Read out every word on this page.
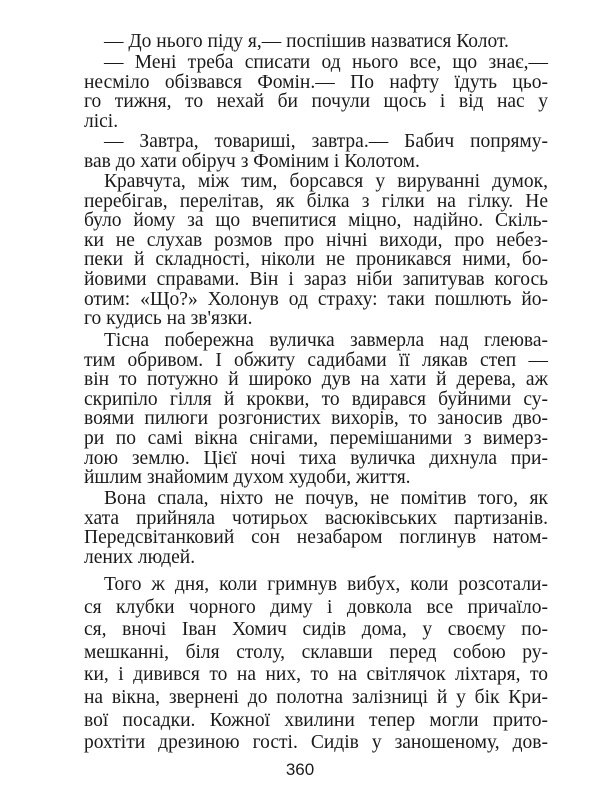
— До нього піду я,— поспішив назватися Колот.
— Мені треба списати од нього все, що знає,—
несміло обізвався Фомін.— По нафту їдуть цьо-
го тижня, то нехай би почули щось і від нас у
лісі.
— Завтра, товариші, завтра.— Бабич попряму-
вав до хати обіруч з Фоміним і Колотом.
Кравчута, між тим, борсався у вируванні думок,
перебігав, перелітав, як білка з гілки на гілку. Не
було йому за що вчепитися міцно, надійно. Скіль-
ки не слухав розмов про нічні виходи, про небез-
пеки й складності, ніколи не проникався ними, бо-
йовими справами. Він і зараз ніби запитував когось
отим: «Що?» Холонув од страху: таки пошлють йо-
го кудись на зв'язки.
Тісна побережна вуличка завмерла над глеюва-
тим обривом. І обжиту садибами її лякав степ —
він то потужно й широко дув на хати й дерева, аж
скрипіло гілля й крокви, то вдирався буйними су-
воями пилюги розгонистих вихорів, то заносив дво-
ри по самі вікна снігами, перемішаними з вимерз-
лою землю. Цієї ночі тиха вуличка дихнула при-
йшлим знайомим духом худоби, життя.
Вона спала, ніхто не почув, не помітив того, як
хата прийняла чотирьох васюківських партизанів.
Передсвітанковий сон незабаром поглинув натом-
лених людей.
Того ж дня, коли гримнув вибух, коли розсотали-
ся клубки чорного диму і довкола все причаїло-
ся, вночі Іван Хомич сидів дома, у своєму по-
мешканні, біля столу, склавши перед собою ру-
ки, і дивився то на них, то на світлячок ліхтаря, то
на вікна, звернені до полотна залізниці й у бік Кри-
вої посадки. Кожної хвилини тепер могли прито-
рохтіти дрезиною гості. Сидів у заношеному, дов-
360
